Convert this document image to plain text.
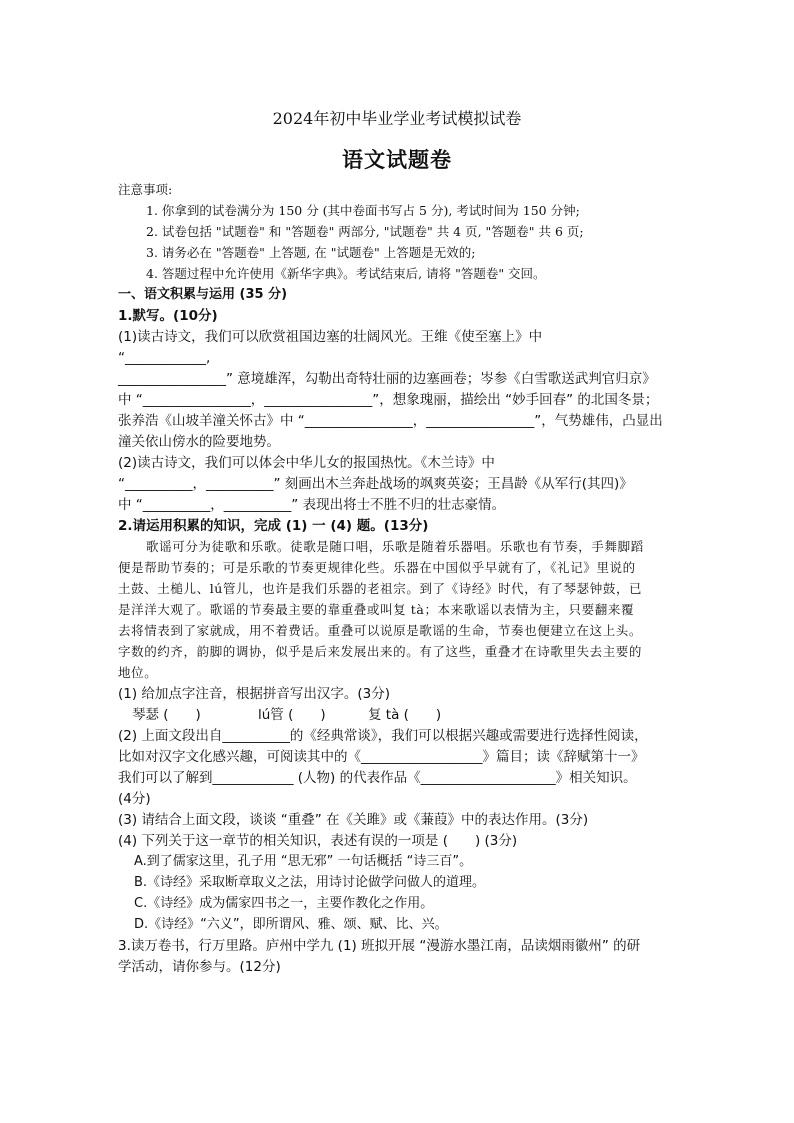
2024年初中毕业学业考试模拟试卷
语文试题卷
注意事项:
1. 你拿到的试卷满分为 150 分 (其中卷面书写占 5 分), 考试时间为 150 分钟;
2. 试卷包括 "试题卷" 和 "答题卷" 两部分, "试题卷" 共 4 页, "答题卷" 共 6 页;
3. 请务必在 "答题卷" 上答题, 在 "试题卷" 上答题是无效的;
4. 答题过程中允许使用《新华字典》。考试结束后, 请将 "答题卷" 交回。
一、语文积累与运用 (35 分)
1.默写。(10分)
(1)读古诗文，我们可以欣赏祖国边塞的壮阔风光。王维《使至塞上》中
“____________,
________________” 意境雄浑，勾勒出奇特壮丽的边塞画卷；岑参《白雪歌送武判官归京》
中 “________________，________________”，想象瑰丽，描绘出 “妙手回春” 的北国冬景；
张养浩《山坡羊潼关怀古》中 “________________，________________”，气势雄伟，凸显出
潼关依山傍水的险要地势。
(2)读古诗文，我们可以体会中华儿女的报国热忱。《木兰诗》中
“__________，__________” 刻画出木兰奔赴战场的飒爽英姿；王昌龄《从军行(其四)》
中 “__________，__________” 表现出将士不胜不归的壮志豪情。
2.请运用积累的知识，完成 (1) 一 (4) 题。(13分)
歌谣可分为徒歌和乐歌。徒歌是随口唱，乐歌是随着乐器唱。乐歌也有节奏，手舞脚蹈
便是帮助节奏的；可是乐歌的节奏更规律化些。乐器在中国似乎早就有了，《礼记》里说的
土鼓、土槌儿、lú管儿，也许是我们乐器的老祖宗。到了《诗经》时代，有了琴瑟钟鼓，已
是洋洋大观了。歌谣的节奏最主要的靠重叠或叫复 tà；本来歌谣以表情为主，只要翻来覆
去将情表到了家就成，用不着费话。重叠可以说原是歌谣的生命，节奏也便建立在这上头。
字数的约齐，韵脚的调协，似乎是后来发展出来的。有了这些，重叠才在诗歌里失去主要的
地位。
(1) 给加点字注音，根据拼音写出汉字。(3分)
琴瑟 (　　)	lú管 (　　)	复 tà (　　)
(2) 上面文段出自__________的《经典常谈》，我们可以根据兴趣或需要进行选择性阅读，
比如对汉字文化感兴趣，可阅读其中的《__________________》篇目；读《辞赋第十一》
我们可以了解到____________ (人物) 的代表作品《____________________》相关知识。
(4分)
(3) 请结合上面文段，谈谈 “重叠” 在《关雎》或《蒹葭》中的表达作用。(3分)
(4) 下列关于这一章节的相关知识，表述有误的一项是 (　　) (3分)
A.到了儒家这里，孔子用 “思无邪” 一句话概括 “诗三百”。
B.《诗经》采取断章取义之法，用诗讨论做学问做人的道理。
C.《诗经》成为儒家四书之一，主要作教化之作用。
D.《诗经》“六义”，即所谓风、雅、颂、赋、比、兴。
3.读万卷书，行万里路。庐州中学九 (1) 班拟开展 “漫游水墨江南，品读烟雨徽州” 的研
学活动，请你参与。(12分)
